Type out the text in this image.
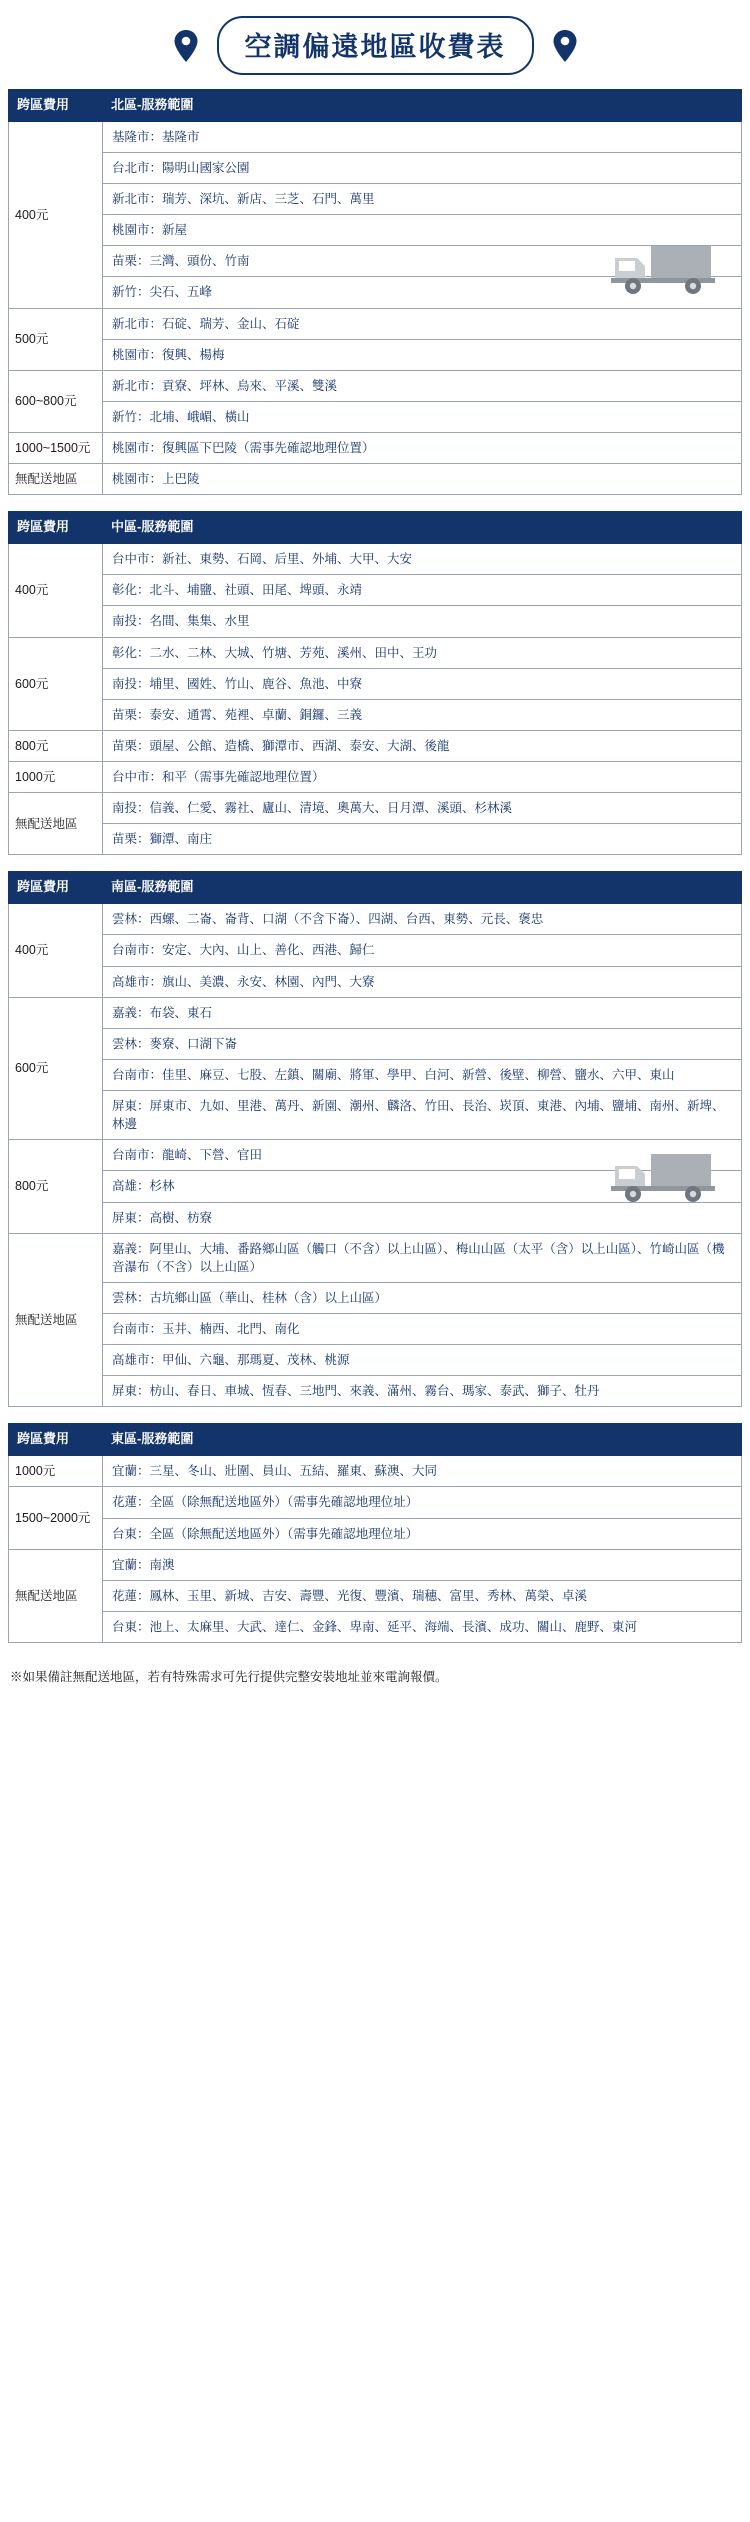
空調偏遠地區收費表
跨區費用	北區-服務範圍
400元	基隆市：基隆市
	台北市：陽明山國家公園
	新北市：瑞芳、深坑、新店、三芝、石門、萬里
	桃園市：新屋
	苗栗：三灣、頭份、竹南

	新竹：尖石、五峰
500元	新北市：石碇、瑞芳、金山、石碇
	桃園市：復興、楊梅
600~800元	新北市：貢寮、坪林、烏來、平溪、雙溪
	新竹：北埔、峨嵋、橫山
1000~1500元	桃園市：復興區下巴陵（需事先確認地理位置）
無配送地區	桃園市：上巴陵
跨區費用	中區-服務範圍
400元	台中市：新社、東勢、石岡、后里、外埔、大甲、大安
	彰化：北斗、埔鹽、社頭、田尾、埤頭、永靖
	南投：名間、集集、水里
600元	彰化：二水、二林、大城、竹塘、芳苑、溪州、田中、王功
	南投：埔里、國姓、竹山、鹿谷、魚池、中寮
	苗栗：泰安、通霄、苑裡、卓蘭、銅鑼、三義
800元	苗栗：頭屋、公館、造橋、獅潭市、西湖、泰安、大湖、後龍
1000元	台中市：和平（需事先確認地理位置）
無配送地區	南投：信義、仁愛、霧社、廬山、清境、奧萬大、日月潭、溪頭、杉林溪
	苗栗：獅潭、南庄
跨區費用	南區-服務範圍
400元	雲林：西螺、二崙、崙背、口湖（不含下崙）、四湖、台西、東勢、元長、褒忠
	台南市：安定、大內、山上、善化、西港、歸仁
	高雄市：旗山、美濃、永安、林園、內門、大寮
600元	嘉義：布袋、東石
	雲林：麥寮、口湖下崙
	台南市：佳里、麻豆、七股、左鎮、關廟、將軍、學甲、白河、新營、後壁、柳營、鹽水、六甲、東山
	屏東：屏東市、九如、里港、萬丹、新園、潮州、麟洛、竹田、長治、崁頂、東港、內埔、鹽埔、南州、新埤、林邊
800元	台南市：龍崎、下營、官田

	高雄：杉林
	屏東：高樹、枋寮
無配送地區	嘉義：阿里山、大埔、番路鄉山區（觸口（不含）以上山區）、梅山山區（太平（含）以上山區）、竹崎山區（機音瀑布（不含）以上山區）
	雲林：古坑鄉山區（華山、桂林（含）以上山區）
	台南市：玉井、楠西、北門、南化
	高雄市：甲仙、六龜、那瑪夏、茂林、桃源
	屏東：枋山、春日、車城、恆春、三地門、來義、滿州、霧台、瑪家、泰武、獅子、牡丹
跨區費用	東區-服務範圍
1000元	宜蘭：三星、冬山、壯圍、員山、五結、羅東、蘇澳、大同
1500~2000元	花蓮：全區（除無配送地區外）（需事先確認地理位址）
	台東：全區（除無配送地區外）（需事先確認地理位址）
無配送地區	宜蘭：南澳
	花蓮：鳳林、玉里、新城、吉安、壽豐、光復、豐濱、瑞穗、富里、秀林、萬榮、卓溪
	台東：池上、太麻里、大武、達仁、金鋒、卑南、延平、海端、長濱、成功、關山、鹿野、東河
※如果備註無配送地區，若有特殊需求可先行提供完整安裝地址並來電詢報價。
